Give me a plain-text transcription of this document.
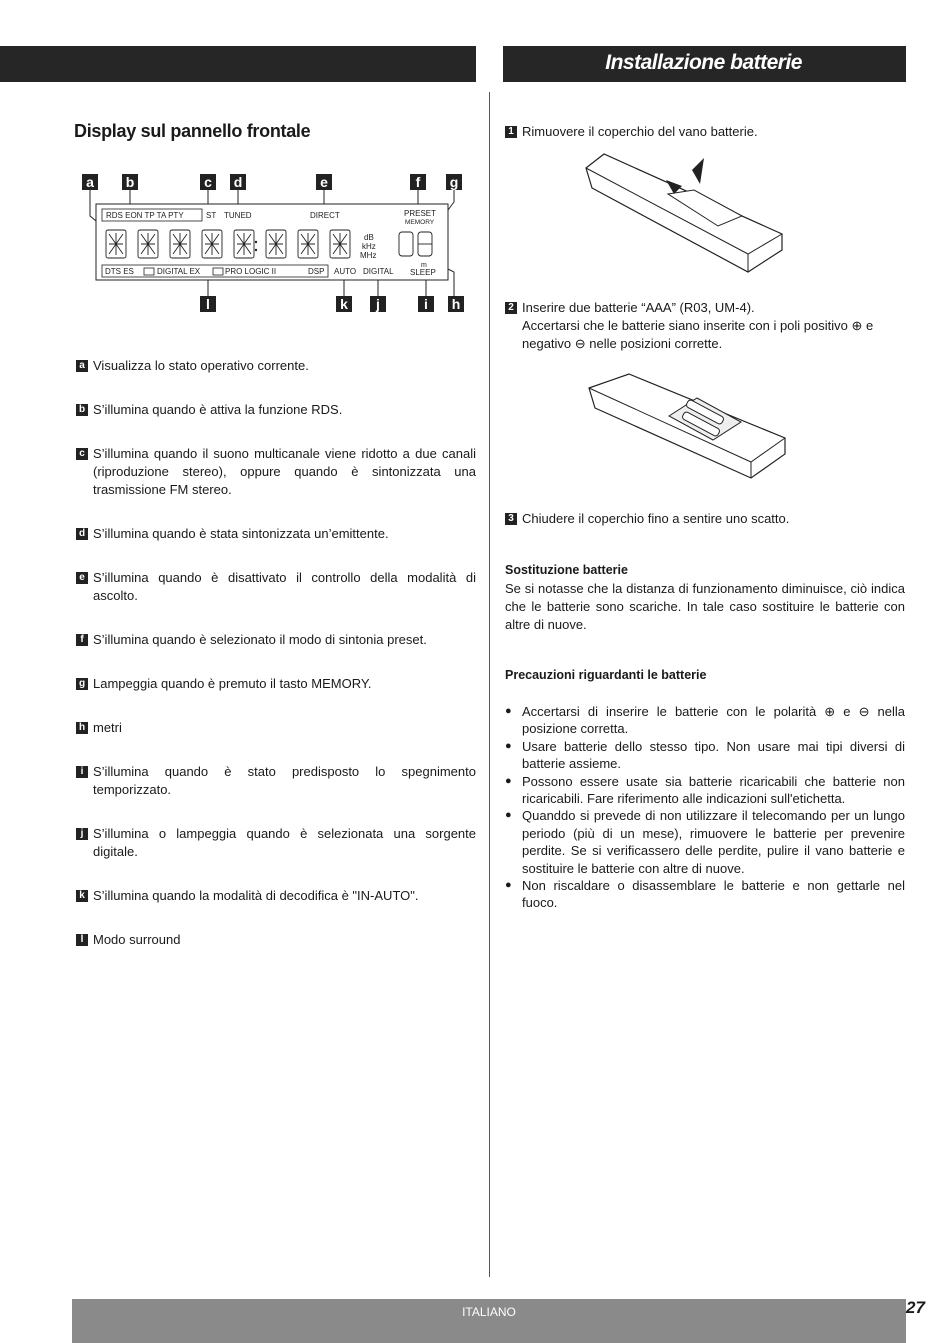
Installazione batterie
Display sul pannello frontale
a b	c d	e	f g
RDS EON TP TA PTY	ST TUNED	DIRECT	PRESET
MEMORY
dB
kHz
MHz
DTS ES	DIGITAL EX	PRO LOGIC II	DSP AUTO DIGITAL
m
SLEEP
l	k j	i h
a Visualizza lo stato operativo corrente.
b S’illumina quando è attiva la funzione RDS.
c S’illumina quando il suono multicanale viene ridotto a due canali (riproduzione stereo), oppure quando è sintonizzata una trasmissione FM stereo.
d S’illumina quando è stata sintonizzata un’emittente.
e S’illumina quando è disattivato il controllo della modalità di ascolto.
f S’illumina quando è selezionato il modo di sintonia preset.
g Lampeggia quando è premuto il tasto MEMORY.
h metri
i S’illumina quando è stato predisposto lo spegnimento temporizzato.
j S’illumina o lampeggia quando è selezionata una sorgente digitale.
k S’illumina quando la modalità di decodifica è "IN-AUTO".
l Modo surround
1 Rimuovere il coperchio del vano batterie.
2 Inserire due batterie “AAA” (R03, UM-4).
Accertarsi che le batterie siano inserite con i poli positivo ⊕ e negativo ⊖ nelle posizioni corrette.
3 Chiudere il coperchio fino a sentire uno scatto.
Sostituzione batterie
Se si notasse che la distanza di funzionamento diminuisce, ciò indica che le batterie sono scariche. In tale caso sostituire le batterie con altre di nuove.
Precauzioni riguardanti le batterie
● Accertarsi di inserire le batterie con le polarità ⊕ e ⊖ nella posizione corretta.
● Usare batterie dello stesso tipo. Non usare mai tipi diversi di batterie assieme.
● Possono essere usate sia batterie ricaricabili che batterie non ricaricabili. Fare riferimento alle indicazioni sull'etichetta.
● Quanddo si prevede di non utilizzare il telecomando per un lungo periodo (più di un mese), rimuovere le batterie per prevenire perdite. Se si verificassero delle perdite, pulire il vano batterie e sostituire le batterie con altre di nuove.
● Non riscaldare o disassemblare le batterie e non gettarle nel fuoco.
ITALIANO	27
